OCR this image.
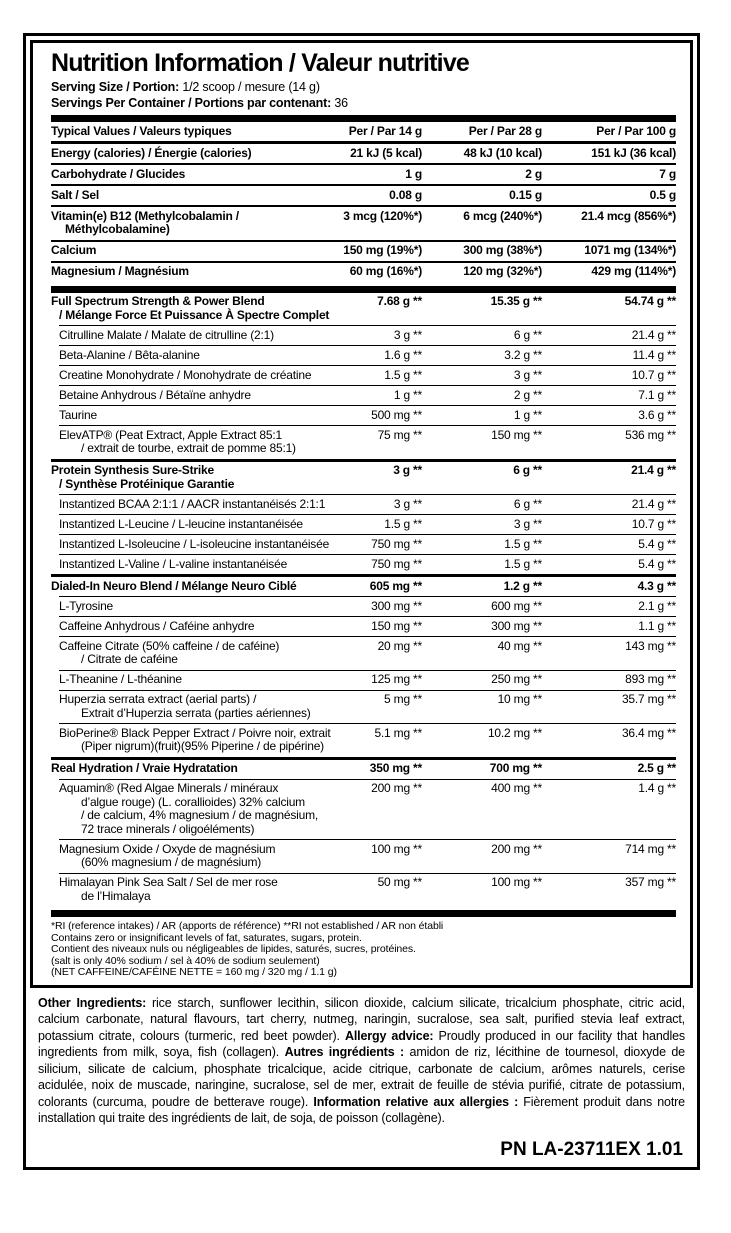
Nutrition Information / Valeur nutritive
Serving Size / Portion: 1/2 scoop / mesure (14 g)
Servings Per Container / Portions par contenant: 36
Typical Values / Valeurs typiques	Per / Par 14 g	Per / Par 28 g	Per / Par 100 g
Energy (calories) / Énergie (calories)	21 kJ (5 kcal)	48 kJ (10 kcal)	151 kJ (36 kcal)
Carbohydrate / Glucides	1 g	2 g	7 g
Salt / Sel	0.08 g	0.15 g	0.5 g
Vitamin(e) B12 (Methylcobalamin /
Méthylcobalamine)
3 mcg (120%*)	6 mcg (240%*)	21.4 mcg (856%*)
Calcium	150 mg (19%*)	300 mg (38%*)	1071 mg (134%*)
Magnesium / Magnésium	60 mg (16%*)	120 mg (32%*)	429 mg (114%*)
Full Spectrum Strength & Power Blend
/ Mélange Force Et Puissance À Spectre Complet
7.68 g **	15.35 g **	54.74 g **
Citrulline Malate / Malate de citrulline (2:1)	3 g **	6 g **	21.4 g **
Beta-Alanine / Bêta-alanine	1.6 g **	3.2 g **	11.4 g **
Creatine Monohydrate / Monohydrate de créatine	1.5 g **	3 g **	10.7 g **
Betaine Anhydrous / Bétaïne anhydre	1 g **	2 g **	7.1 g **
Taurine	500 mg **	1 g **	3.6 g **
ElevATP® (Peat Extract, Apple Extract 85:1
/ extrait de tourbe, extrait de pomme 85:1)
75 mg **	150 mg **	536 mg **
Protein Synthesis Sure-Strike
/ Synthèse Protéinique Garantie
3 g **	6 g **	21.4 g **
Instantized BCAA 2:1:1 / AACR instantanéisés 2:1:1	3 g **	6 g **	21.4 g **
Instantized L-Leucine / L-leucine instantanéisée	1.5 g **	3 g **	10.7 g **
Instantized L-Isoleucine / L-isoleucine instantanéisée	750 mg **	1.5 g **	5.4 g **
Instantized L-Valine / L-valine instantanéisée	750 mg **	1.5 g **	5.4 g **
Dialed-In Neuro Blend / Mélange Neuro Ciblé	605 mg **	1.2 g **	4.3 g **
L-Tyrosine	300 mg **	600 mg **	2.1 g **
Caffeine Anhydrous / Caféine anhydre	150 mg **	300 mg **	1.1 g **
Caffeine Citrate (50% caffeine / de caféine)
/ Citrate de caféine
20 mg **	40 mg **	143 mg **
L-Theanine / L-théanine	125 mg **	250 mg **	893 mg **
Huperzia serrata extract (aerial parts) /
Extrait d’Huperzia serrata (parties aériennes)
5 mg **	10 mg **	35.7 mg **
BioPerine® Black Pepper Extract / Poivre noir, extrait
(Piper nigrum)(fruit)(95% Piperine / de pipérine)
5.1 mg **	10.2 mg **	36.4 mg **
Real Hydration / Vraie Hydratation	350 mg **	700 mg **	2.5 g **
Aquamin® (Red Algae Minerals / minéraux
d’algue rouge) (L. corallioides) 32% calcium
/ de calcium, 4% magnesium / de magnésium,
72 trace minerals / oligoéléments)
200 mg **	400 mg **	1.4 g **
Magnesium Oxide / Oxyde de magnésium
(60% magnesium / de magnésium)
100 mg **	200 mg **	714 mg **
Himalayan Pink Sea Salt / Sel de mer rose
de l’Himalaya
50 mg **	100 mg **	357 mg **
*RI (reference intakes) / AR (apports de référence) **RI not established / AR non établi
Contains zero or insignificant levels of fat, saturates, sugars, protein.
Contient des niveaux nuls ou négligeables de lipides, saturés, sucres, protéines.
(salt is only 40% sodium / sel à 40% de sodium seulement)
(NET CAFFEINE/CAFÉINE NETTE = 160 mg / 320 mg / 1.1 g)
Other Ingredients: rice starch, sunflower lecithin, silicon dioxide, calcium silicate, tricalcium phosphate, citric acid, calcium carbonate, natural flavours, tart cherry, nutmeg, naringin, sucralose, sea salt, purified stevia leaf extract, potassium citrate, colours (turmeric, red beet powder). Allergy advice: Proudly produced in our facility that handles ingredients from milk, soya, fish (collagen). Autres ingrédients : amidon de riz, lécithine de tournesol, dioxyde de silicium, silicate de calcium, phosphate tricalcique, acide citrique, carbonate de calcium, arômes naturels, cerise acidulée, noix de muscade, naringine, sucralose, sel de mer, extrait de feuille de stévia purifié, citrate de potassium, colorants (curcuma, poudre de betterave rouge). Information relative aux allergies : Fièrement produit dans notre installation qui traite des ingrédients de lait, de soja, de poisson (collagène).
PN LA-23711EX 1.01
